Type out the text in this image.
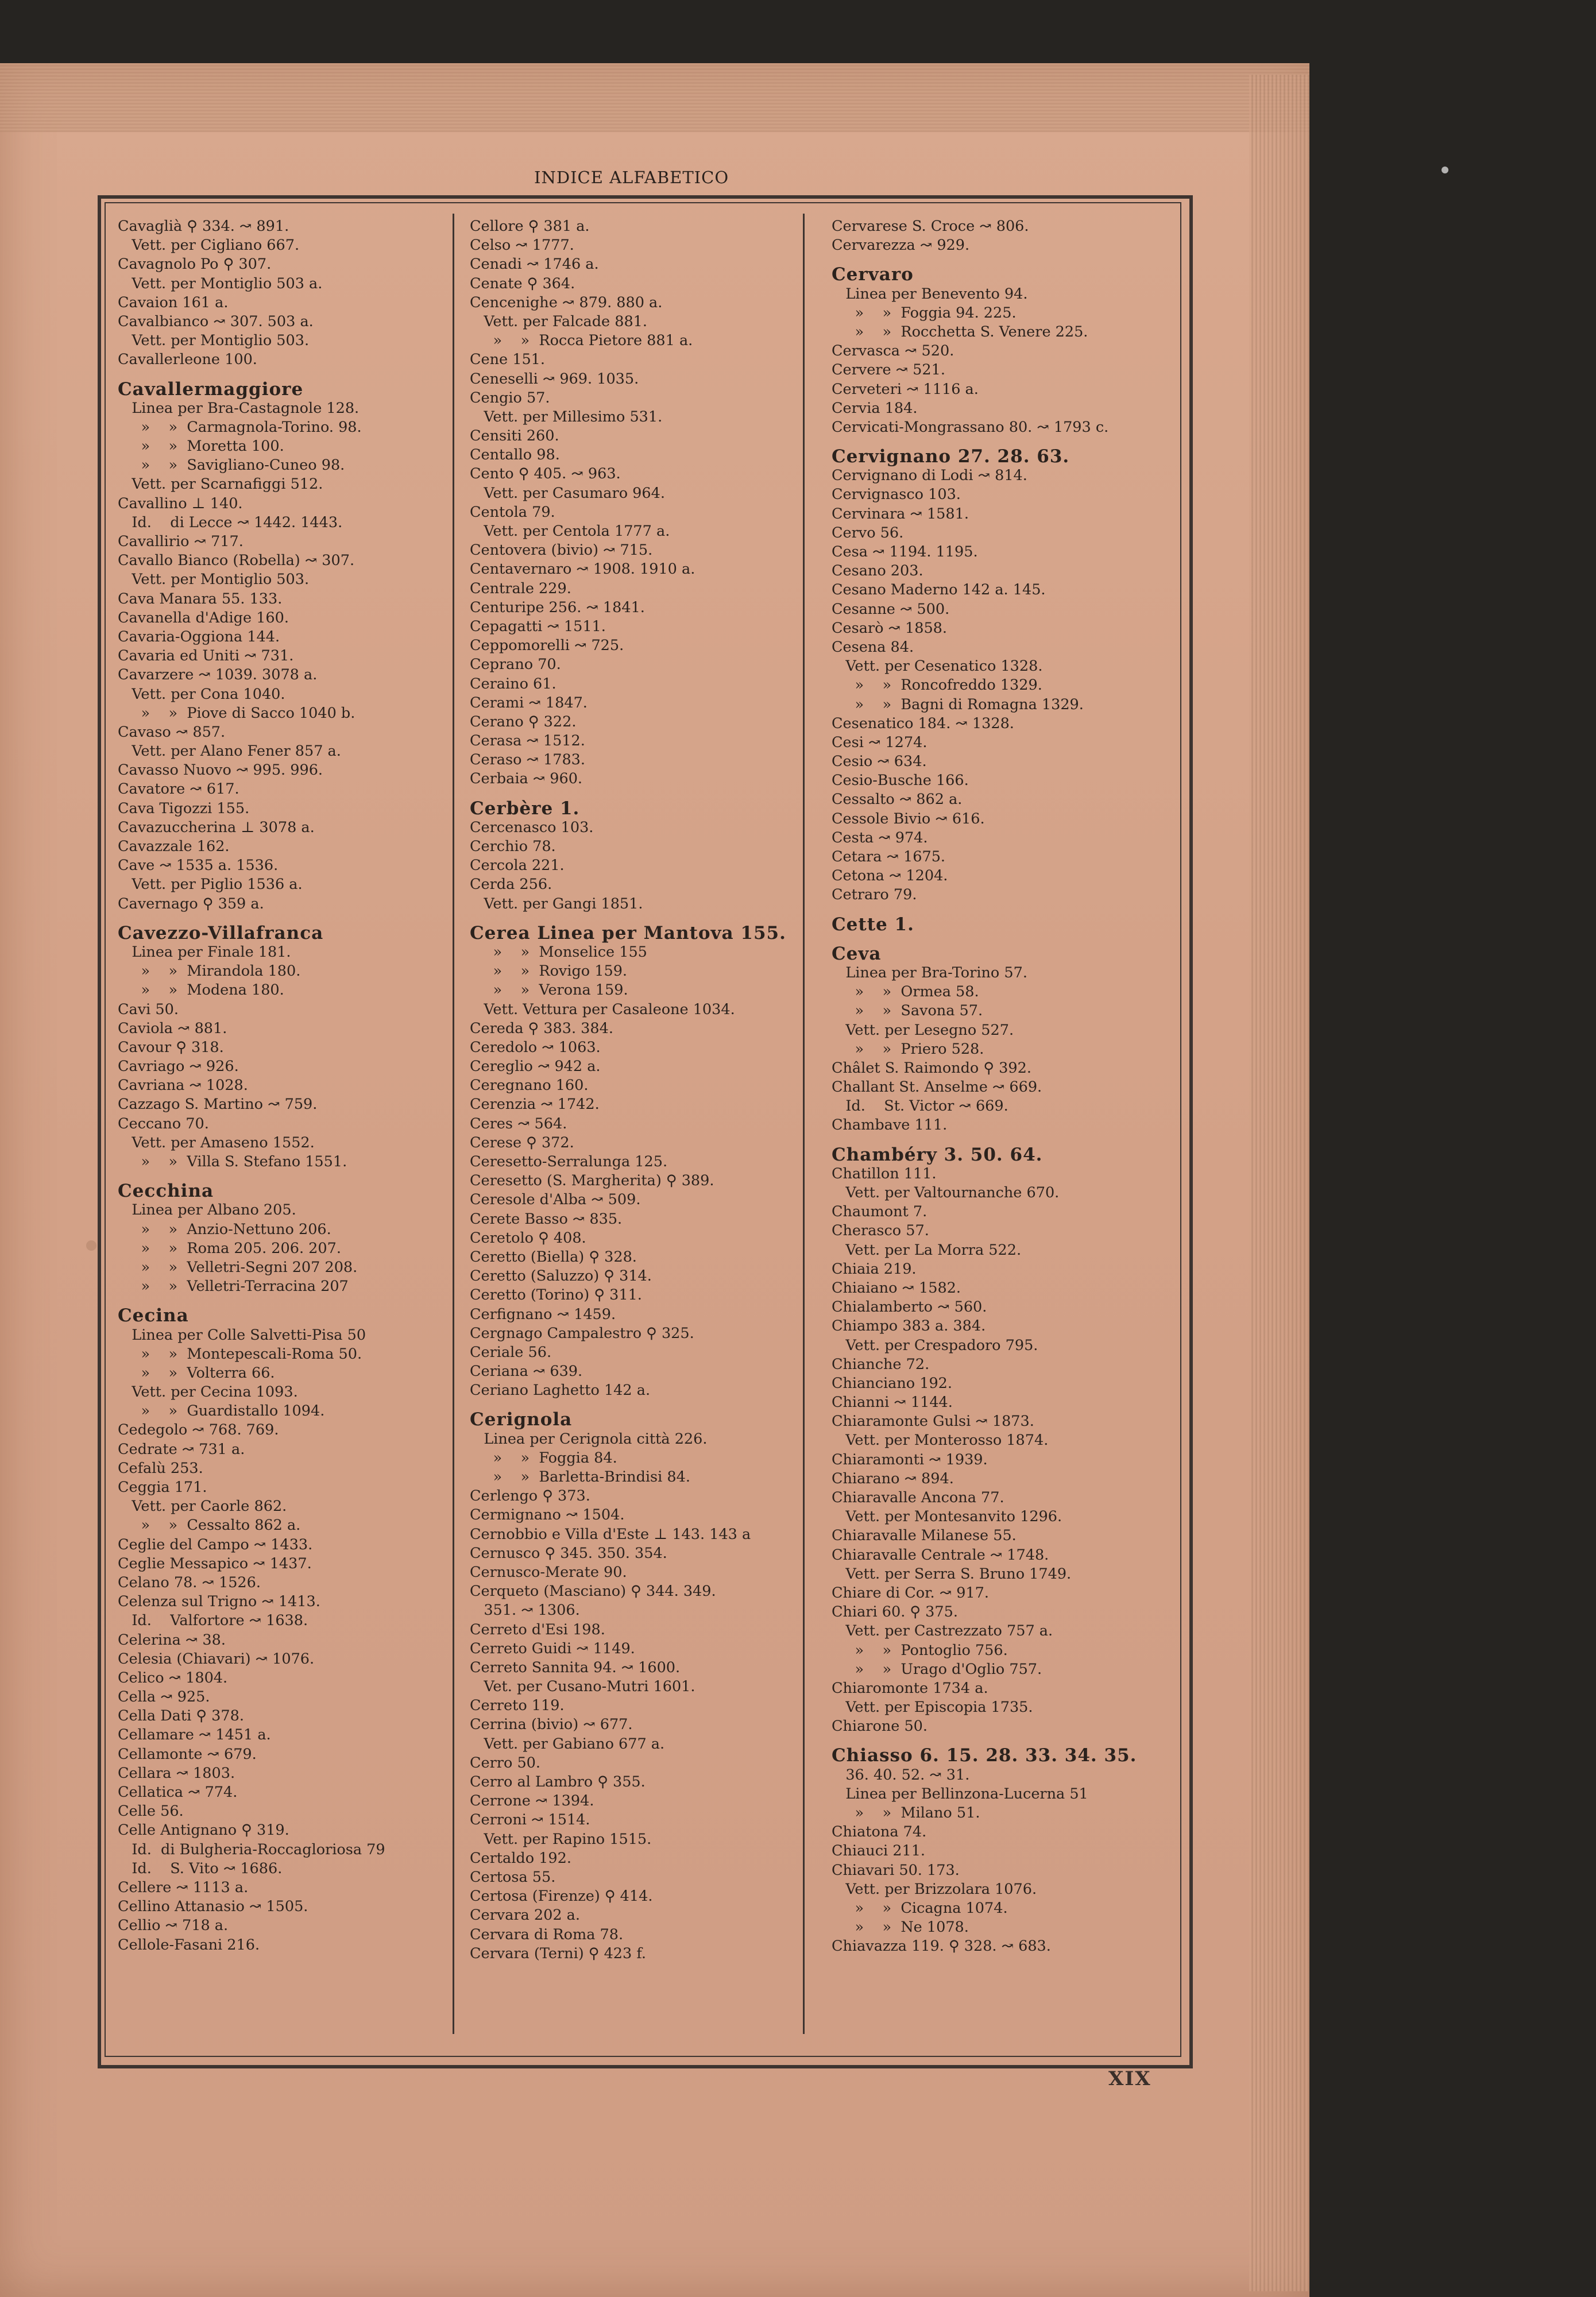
INDICE ALFABETICO
Cavaglià ⚲ 334. ↝ 891.
Vett. per Cigliano 667.
Cavagnolo Po ⚲ 307.
Vett. per Montiglio 503 a.
Cavaion 161 a.
Cavalbianco ↝ 307. 503 a.
Vett. per Montiglio 503.
Cavallerleone 100.
Cavallermaggiore
Linea per Bra-Castagnole 128.
»    »  Carmagnola-Torino. 98.
»    »  Moretta 100.
»    »  Savigliano-Cuneo 98.
Vett. per Scarnafiggi 512.
Cavallino ⊥ 140.
Id.    di Lecce ↝ 1442. 1443.
Cavallirio ↝ 717.
Cavallo Bianco (Robella) ↝ 307.
Vett. per Montiglio 503.
Cava Manara 55. 133.
Cavanella d'Adige 160.
Cavaria-Oggiona 144.
Cavaria ed Uniti ↝ 731.
Cavarzere ↝ 1039. 3078 a.
Vett. per Cona 1040.
»    »  Piove di Sacco 1040 b.
Cavaso ↝ 857.
Vett. per Alano Fener 857 a.
Cavasso Nuovo ↝ 995. 996.
Cavatore ↝ 617.
Cava Tigozzi 155.
Cavazuccherina ⊥ 3078 a.
Cavazzale 162.
Cave ↝ 1535 a. 1536.
Vett. per Piglio 1536 a.
Cavernago ⚲ 359 a.
Cavezzo-Villafranca
Linea per Finale 181.
»    »  Mirandola 180.
»    »  Modena 180.
Cavi 50.
Caviola ↝ 881.
Cavour ⚲ 318.
Cavriago ↝ 926.
Cavriana ↝ 1028.
Cazzago S. Martino ↝ 759.
Ceccano 70.
Vett. per Amaseno 1552.
»    »  Villa S. Stefano 1551.
Cecchina
Linea per Albano 205.
»    »  Anzio-Nettuno 206.
»    »  Roma 205. 206. 207.
»    »  Velletri-Segni 207 208.
»    »  Velletri-Terracina 207
Cecina
Linea per Colle Salvetti-Pisa 50
»    »  Montepescali-Roma 50.
»    »  Volterra 66.
Vett. per Cecina 1093.
»    »  Guardistallo 1094.
Cedegolo ↝ 768. 769.
Cedrate ↝ 731 a.
Cefalù 253.
Ceggia 171.
Vett. per Caorle 862.
»    »  Cessalto 862 a.
Ceglie del Campo ↝ 1433.
Ceglie Messapico ↝ 1437.
Celano 78. ↝ 1526.
Celenza sul Trigno ↝ 1413.
Id.    Valfortore ↝ 1638.
Celerina ↝ 38.
Celesia (Chiavari) ↝ 1076.
Celico ↝ 1804.
Cella ↝ 925.
Cella Dati ⚲ 378.
Cellamare ↝ 1451 a.
Cellamonte ↝ 679.
Cellara ↝ 1803.
Cellatica ↝ 774.
Celle 56.
Celle Antignano ⚲ 319.
Id.  di Bulgheria-Roccagloriosa 79
Id.    S. Vito ↝ 1686.
Cellere ↝ 1113 a.
Cellino Attanasio ↝ 1505.
Cellio ↝ 718 a.
Cellole-Fasani 216.
Cellore ⚲ 381 a.
Celso ↝ 1777.
Cenadi ↝ 1746 a.
Cenate ⚲ 364.
Cencenighe ↝ 879. 880 a.
Vett. per Falcade 881.
»    »  Rocca Pietore 881 a.
Cene 151.
Ceneselli ↝ 969. 1035.
Cengio 57.
Vett. per Millesimo 531.
Censiti 260.
Centallo 98.
Cento ⚲ 405. ↝ 963.
Vett. per Casumaro 964.
Centola 79.
Vett. per Centola 1777 a.
Centovera (bivio) ↝ 715.
Centavernaro ↝ 1908. 1910 a.
Centrale 229.
Centuripe 256. ↝ 1841.
Cepagatti ↝ 1511.
Ceppomorelli ↝ 725.
Ceprano 70.
Ceraino 61.
Cerami ↝ 1847.
Cerano ⚲ 322.
Cerasa ↝ 1512.
Ceraso ↝ 1783.
Cerbaia ↝ 960.
Cerbère 1.
Cercenasco 103.
Cerchio 78.
Cercola 221.
Cerda 256.
Vett. per Gangi 1851.
Cerea Linea per Mantova 155.
»    »  Monselice 155
»    »  Rovigo 159.
»    »  Verona 159.
Vett. Vettura per Casaleone 1034.
Cereda ⚲ 383. 384.
Ceredolo ↝ 1063.
Cereglio ↝ 942 a.
Ceregnano 160.
Cerenzia ↝ 1742.
Ceres ↝ 564.
Cerese ⚲ 372.
Ceresetto-Serralunga 125.
Ceresetto (S. Margherita) ⚲ 389.
Ceresole d'Alba ↝ 509.
Cerete Basso ↝ 835.
Ceretolo ⚲ 408.
Ceretto (Biella) ⚲ 328.
Ceretto (Saluzzo) ⚲ 314.
Ceretto (Torino) ⚲ 311.
Cerfignano ↝ 1459.
Cergnago Campalestro ⚲ 325.
Ceriale 56.
Ceriana ↝ 639.
Ceriano Laghetto 142 a.
Cerignola
Linea per Cerignola città 226.
»    »  Foggia 84.
»    »  Barletta-Brindisi 84.
Cerlengo ⚲ 373.
Cermignano ↝ 1504.
Cernobbio e Villa d'Este ⊥ 143. 143 a
Cernusco ⚲ 345. 350. 354.
Cernusco-Merate 90.
Cerqueto (Masciano) ⚲ 344. 349.
351. ↝ 1306.
Cerreto d'Esi 198.
Cerreto Guidi ↝ 1149.
Cerreto Sannita 94. ↝ 1600.
Vet. per Cusano-Mutri 1601.
Cerreto 119.
Cerrina (bivio) ↝ 677.
Vett. per Gabiano 677 a.
Cerro 50.
Cerro al Lambro ⚲ 355.
Cerrone ↝ 1394.
Cerroni ↝ 1514.
Vett. per Rapino 1515.
Certaldo 192.
Certosa 55.
Certosa (Firenze) ⚲ 414.
Cervara 202 a.
Cervara di Roma 78.
Cervara (Terni) ⚲ 423 f.
Cervarese S. Croce ↝ 806.
Cervarezza ↝ 929.
Cervaro
Linea per Benevento 94.
»    »  Foggia 94. 225.
»    »  Rocchetta S. Venere 225.
Cervasca ↝ 520.
Cervere ↝ 521.
Cerveteri ↝ 1116 a.
Cervia 184.
Cervicati-Mongrassano 80. ↝ 1793 c.
Cervignano 27. 28. 63.
Cervignano di Lodi ↝ 814.
Cervignasco 103.
Cervinara ↝ 1581.
Cervo 56.
Cesa ↝ 1194. 1195.
Cesano 203.
Cesano Maderno 142 a. 145.
Cesanne ↝ 500.
Cesarò ↝ 1858.
Cesena 84.
Vett. per Cesenatico 1328.
»    »  Roncofreddo 1329.
»    »  Bagni di Romagna 1329.
Cesenatico 184. ↝ 1328.
Cesi ↝ 1274.
Cesio ↝ 634.
Cesio-Busche 166.
Cessalto ↝ 862 a.
Cessole Bivio ↝ 616.
Cesta ↝ 974.
Cetara ↝ 1675.
Cetona ↝ 1204.
Cetraro 79.
Cette 1.
Ceva
Linea per Bra-Torino 57.
»    »  Ormea 58.
»    »  Savona 57.
Vett. per Lesegno 527.
»    »  Priero 528.
Châlet S. Raimondo ⚲ 392.
Challant St. Anselme ↝ 669.
Id.    St. Victor ↝ 669.
Chambave 111.
Chambéry 3. 50. 64.
Chatillon 111.
Vett. per Valtournanche 670.
Chaumont 7.
Cherasco 57.
Vett. per La Morra 522.
Chiaia 219.
Chiaiano ↝ 1582.
Chialamberto ↝ 560.
Chiampo 383 a. 384.
Vett. per Crespadoro 795.
Chianche 72.
Chianciano 192.
Chianni ↝ 1144.
Chiaramonte Gulsi ↝ 1873.
Vett. per Monterosso 1874.
Chiaramonti ↝ 1939.
Chiarano ↝ 894.
Chiaravalle Ancona 77.
Vett. per Montesanvito 1296.
Chiaravalle Milanese 55.
Chiaravalle Centrale ↝ 1748.
Vett. per Serra S. Bruno 1749.
Chiare di Cor. ↝ 917.
Chiari 60. ⚲ 375.
Vett. per Castrezzato 757 a.
»    »  Pontoglio 756.
»    »  Urago d'Oglio 757.
Chiaromonte 1734 a.
Vett. per Episcopia 1735.
Chiarone 50.
Chiasso 6. 15. 28. 33. 34. 35.
36. 40. 52. ↝ 31.
Linea per Bellinzona-Lucerna 51
»    »  Milano 51.
Chiatona 74.
Chiauci 211.
Chiavari 50. 173.
Vett. per Brizzolara 1076.
»    »  Cicagna 1074.
»    »  Ne 1078.
Chiavazza 119. ⚲ 328. ↝ 683.
XIX
